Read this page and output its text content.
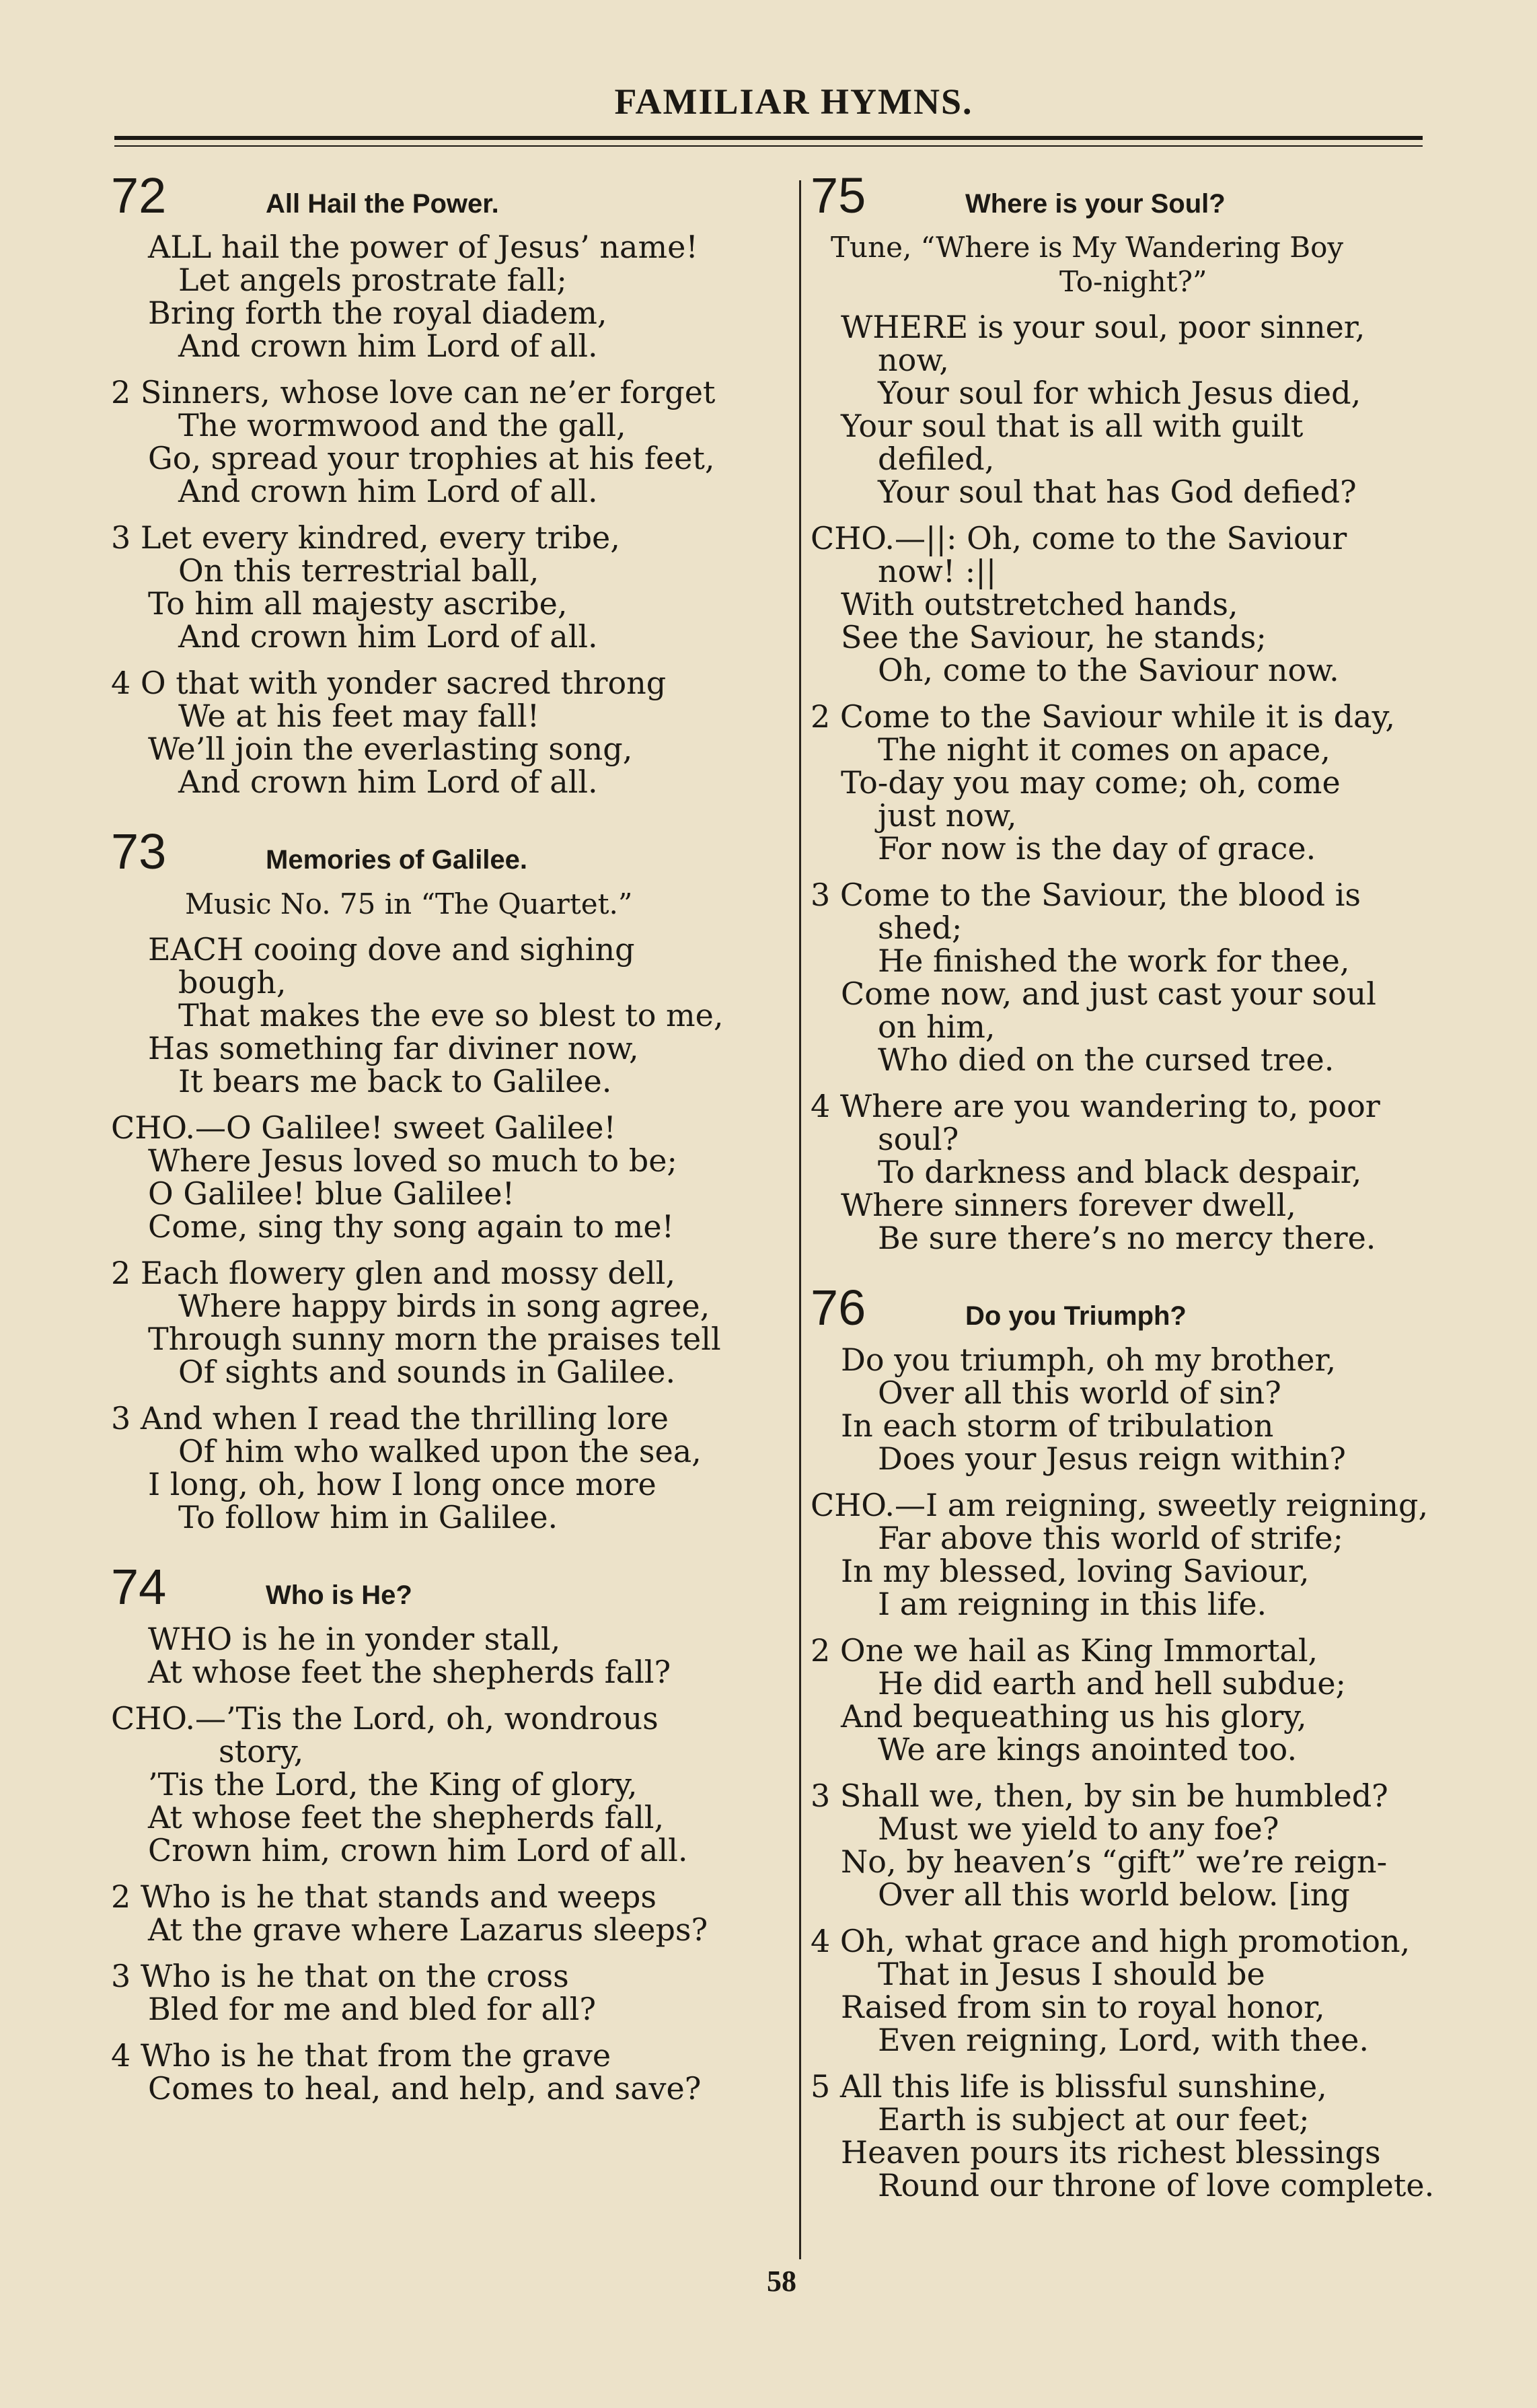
FAMILIAR HYMNS.
72	All Hail the Power.
ALL hail the power of Jesus’ name!
Let angels prostrate fall;
Bring forth the royal diadem,
And crown him Lord of all.
2 Sinners, whose love can ne’er forget
The wormwood and the gall,
Go, spread your trophies at his feet,
And crown him Lord of all.
3 Let every kindred, every tribe,
On this terrestrial ball,
To him all majesty ascribe,
And crown him Lord of all.
4 O that with yonder sacred throng
We at his feet may fall!
We’ll join the everlasting song,
And crown him Lord of all.
73	Memories of Galilee.
Music No. 75 in “The Quartet.”
EACH cooing dove and sighing
bough,
That makes the eve so blest to me,
Has something far diviner now,
It bears me back to Galilee.
CHO.—O Galilee! sweet Galilee!
Where Jesus loved so much to be;
O Galilee! blue Galilee!
Come, sing thy song again to me!
2 Each flowery glen and mossy dell,
Where happy birds in song agree,
Through sunny morn the praises tell
Of sights and sounds in Galilee.
3 And when I read the thrilling lore
Of him who walked upon the sea,
I long, oh, how I long once more
To follow him in Galilee.
74	Who is He?
WHO is he in yonder stall,
At whose feet the shepherds fall?
CHO.—’Tis the Lord, oh, wondrous
story,
’Tis the Lord, the King of glory,
At whose feet the shepherds fall,
Crown him, crown him Lord of all.
2 Who is he that stands and weeps
At the grave where Lazarus sleeps?
3 Who is he that on the cross
Bled for me and bled for all?
4 Who is he that from the grave
Comes to heal, and help, and save?
75	Where is your Soul?
Tune, “Where is My Wandering Boy
To-night?”
WHERE is your soul, poor sinner,
now,
Your soul for which Jesus died,
Your soul that is all with guilt
defiled,
Your soul that has God defied?
CHO.—||: Oh, come to the Saviour
now! :||
With outstretched hands,
See the Saviour, he stands;
Oh, come to the Saviour now.
2 Come to the Saviour while it is day,
The night it comes on apace,
To-day you may come; oh, come
just now,
For now is the day of grace.
3 Come to the Saviour, the blood is
shed;
He finished the work for thee,
Come now, and just cast your soul
on him,
Who died on the cursed tree.
4 Where are you wandering to, poor
soul?
To darkness and black despair,
Where sinners forever dwell,
Be sure there’s no mercy there.
76	Do you Triumph?
Do you triumph, oh my brother,
Over all this world of sin?
In each storm of tribulation
Does your Jesus reign within?
CHO.—I am reigning, sweetly reigning,
Far above this world of strife;
In my blessed, loving Saviour,
I am reigning in this life.
2 One we hail as King Immortal,
He did earth and hell subdue;
And bequeathing us his glory,
We are kings anointed too.
3 Shall we, then, by sin be humbled?
Must we yield to any foe?
No, by heaven’s “gift” we’re reign-
Over all this world below. [ing
4 Oh, what grace and high promotion,
That in Jesus I should be
Raised from sin to royal honor,
Even reigning, Lord, with thee.
5 All this life is blissful sunshine,
Earth is subject at our feet;
Heaven pours its richest blessings
Round our throne of love complete.
58
